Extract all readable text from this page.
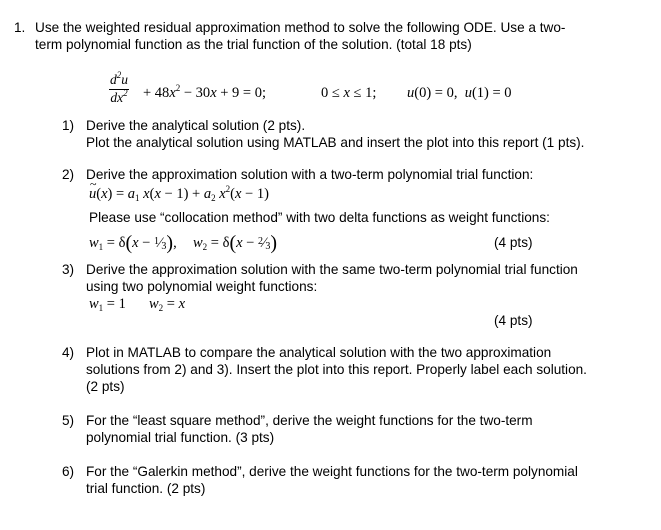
1. Use the weighted residual approximation method to solve the following ODE. Use a two-
term polynomial function as the trial function of the solution. (total 18 pts)
$\frac{d^2u}{dx^2} + 48x^2 - 30x + 9 = 0$;	0 ≤ x ≤ 1; u(0) = 0,  u(1) = 0
1) Derive the analytical solution (2 pts).
Plot the analytical solution using MATLAB and insert the plot into this report (1 pts).
2) Derive the approximation solution with a two-term polynomial trial function:
~ $u(x) = a_1$ $x(x - 1) + a_2$ $x^2(x - 1)$
Please use “collocation method” with two delta functions as weight functions:
$w_1 = \delta(x$ − 1⁄3), $w_2 = \delta(x$ − 2⁄3)	(4 pts)
3) Derive the approximation solution with the same two-term polynomial trial function
using two polynomial weight functions:
$w_1 = 1$ $w_2 = x$
(4 pts)
4) Plot in MATLAB to compare the analytical solution with the two approximation
solutions from 2) and 3). Insert the plot into this report. Properly label each solution.
(2 pts)
5) For the “least square method”, derive the weight functions for the two-term
polynomial trial function. (3 pts)
6) For the “Galerkin method”, derive the weight functions for the two-term polynomial
trial function. (2 pts)
